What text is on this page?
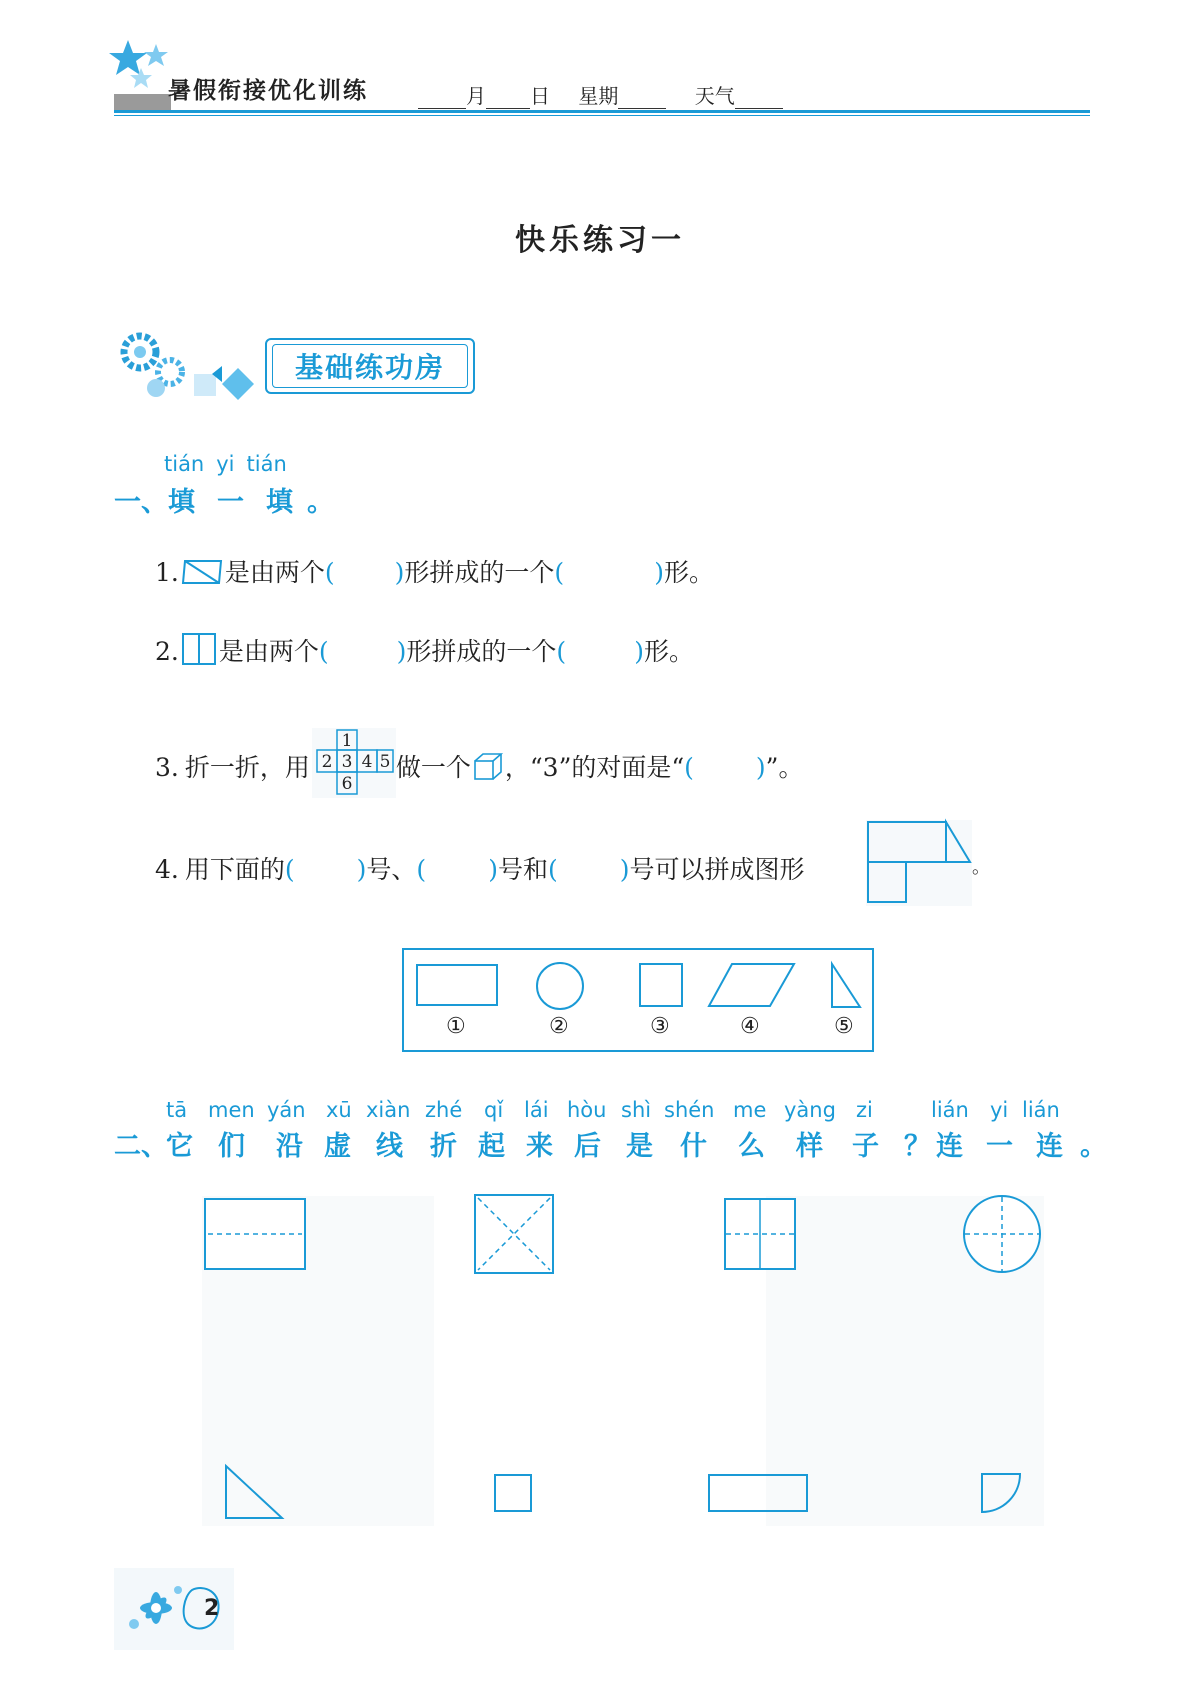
暑假衔接优化训练	月 日 星期	天气
快乐练习一
基础练功房
tián yi tián
一、填 一 填 。
1. 是由两个( )形拼成的一个(	)形。
2. 是由两个(	)形拼成的一个(	)形。
3. 折一折，用
1
2 3 4 5
6
做一个 ，“3”的对面是“( )”。
4. 用下面的( )号、( )号和( )号可以拼成图形	。
①	②	③	④	⑤
tā men yán xū xiàn zhé qǐ lái hòu shì shén me yàng zi	lián yi lián
二、
它 们 沿 虚 线 折 起 来 后 是 什 么 样 子 ？ 连 一 连 。
2
